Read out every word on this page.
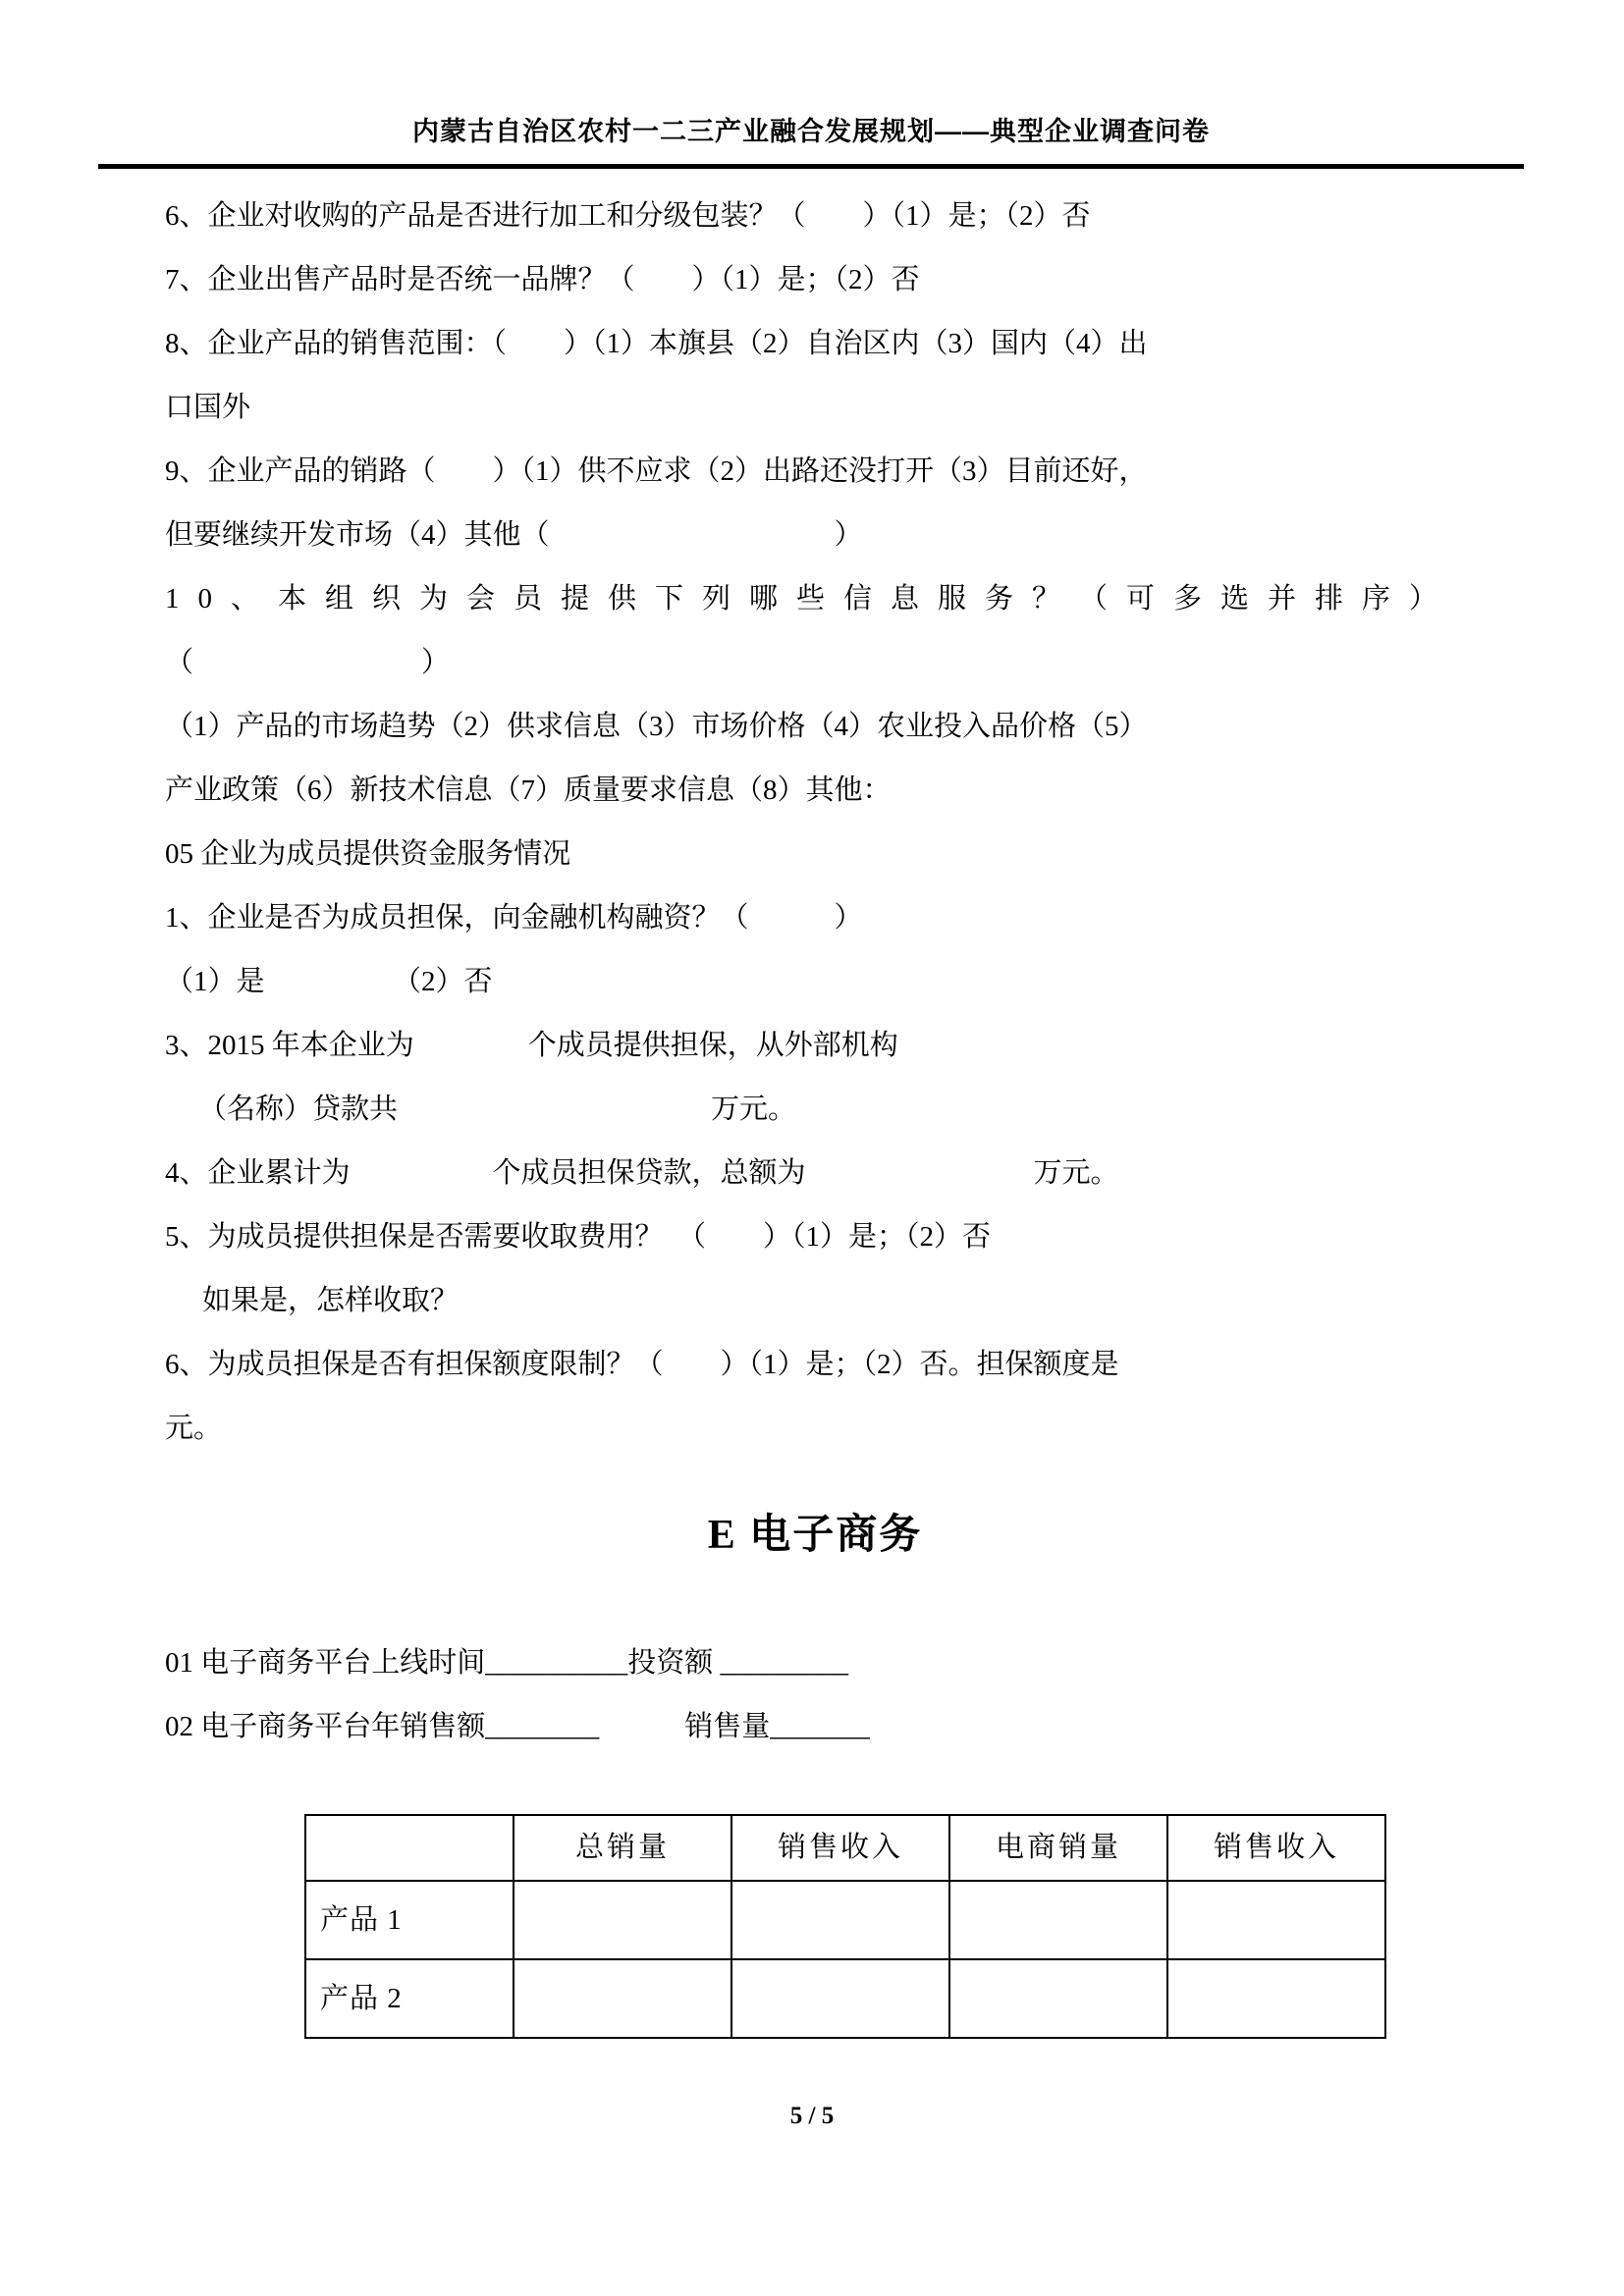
内蒙古自治区农村一二三产业融合发展规划——典型企业调查问卷

6、企业对收购的产品是否进行加工和分级包装？（　　）（1）是；（2）否

7、企业出售产品时是否统一品牌？（　　）（1）是；（2）否

8、企业产品的销售范围：（　　）（1）本旗县（2）自治区内（3）国内（4）出

口国外

9、企业产品的销路（　　）（1）供不应求（2）出路还没打开（3）目前还好，

但要继续开发市场（4）其他（　　　　　　　　　　）

10、本组织为会员提供下列哪些信息服务？（可多选并排序）

（　　　　　　　　）

（1）产品的市场趋势（2）供求信息（3）市场价格（4）农业投入品价格（5）

产业政策（6）新技术信息（7）质量要求信息（8）其他：

05 企业为成员提供资金服务情况

1、企业是否为成员担保，向金融机构融资？（　　　）

（1）是　　　　　（2）否

3、2015 年本企业为　　　　个成员提供担保，从外部机构

（名称）贷款共　　　　　　　　　　　万元。

4、企业累计为　　　　　个成员担保贷款，总额为　　　　　　　　万元。

5、为成员提供担保是否需要收取费用？　（　　）（1）是；（2）否

如果是，怎样收取？

6、为成员担保是否有担保额度限制？（　　）（1）是；（2）否。担保额度是

元。

E 电子商务

01 电子商务平台上线时间__________投资额 _________

02 电子商务平台年销售额________　　　销售量_______

	总销量	销售收入	电商销量	销售收入
产品 1				
产品 2				
5 / 5
